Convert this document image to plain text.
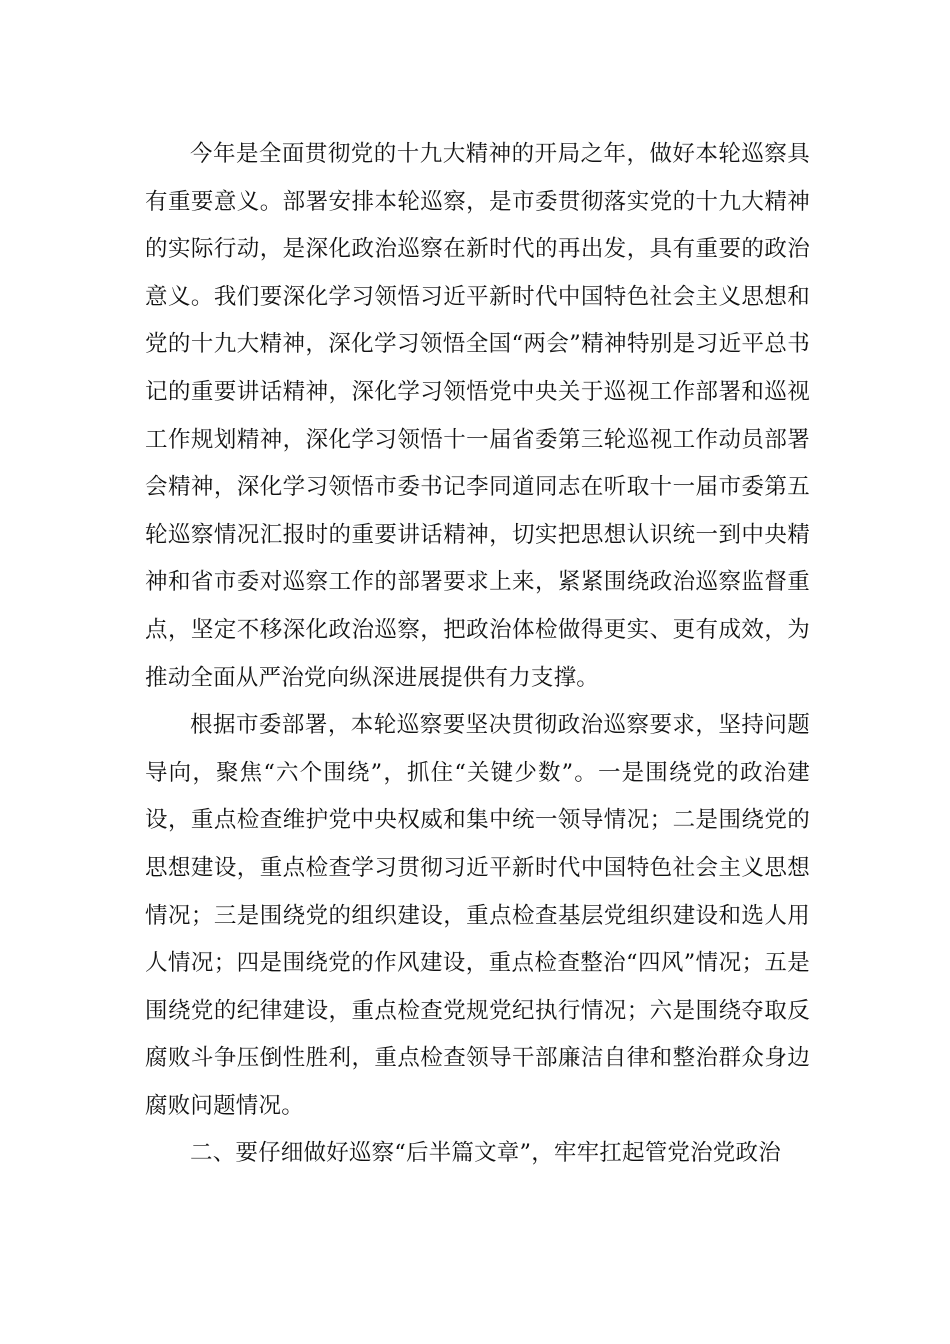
今年是全面贯彻党的十九大精神的开局之年，做好本轮巡察具有重要意义。部署安排本轮巡察，是市委贯彻落实党的十九大精神的实际行动，是深化政治巡察在新时代的再出发，具有重要的政治意义。我们要深化学习领悟习近平新时代中国特色社会主义思想和党的十九大精神，深化学习领悟全国“两会”精神特别是习近平总书记的重要讲话精神，深化学习领悟党中央关于巡视工作部署和巡视工作规划精神，深化学习领悟十一届省委第三轮巡视工作动员部署会精神，深化学习领悟市委书记李同道同志在听取十一届市委第五轮巡察情况汇报时的重要讲话精神，切实把思想认识统一到中央精神和省市委对巡察工作的部署要求上来，紧紧围绕政治巡察监督重点，坚定不移深化政治巡察，把政治体检做得更实、更有成效，为推动全面从严治党向纵深进展提供有力支撑。

根据市委部署，本轮巡察要坚决贯彻政治巡察要求，坚持问题导向，聚焦“六个围绕”，抓住“关键少数”。一是围绕党的政治建设，重点检查维护党中央权威和集中统一领导情况；二是围绕党的思想建设，重点检查学习贯彻习近平新时代中国特色社会主义思想情况；三是围绕党的组织建设，重点检查基层党组织建设和选人用人情况；四是围绕党的作风建设，重点检查整治“四风”情况；五是围绕党的纪律建设，重点检查党规党纪执行情况；六是围绕夺取反腐败斗争压倒性胜利，重点检查领导干部廉洁自律和整治群众身边腐败问题情况。

二、要仔细做好巡察“后半篇文章”，牢牢扛起管党治党政治
